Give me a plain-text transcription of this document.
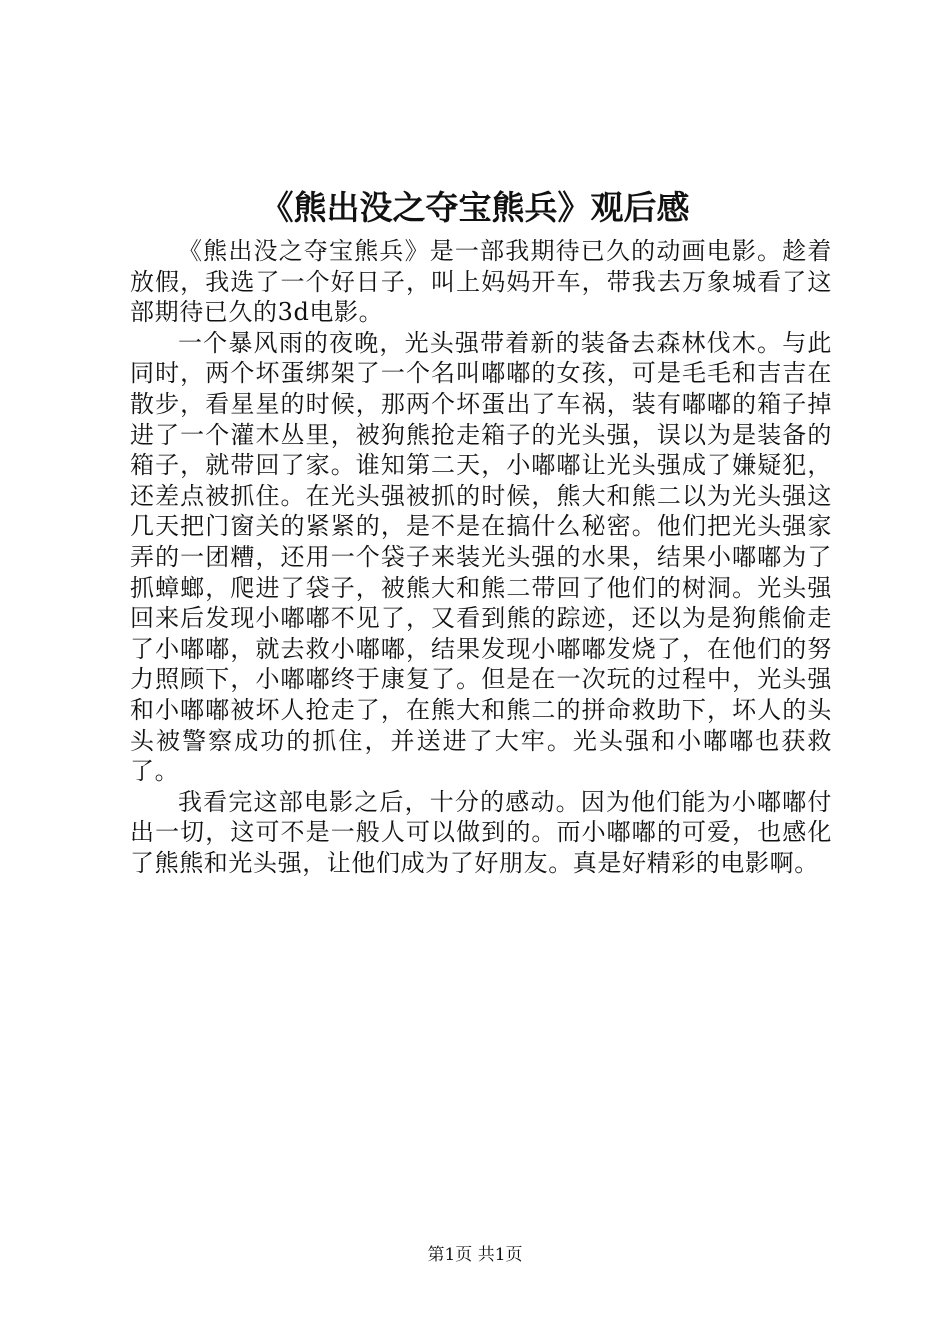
《熊出没之夺宝熊兵》观后感

《熊出没之夺宝熊兵》是一部我期待已久的动画电影。趁着放假，我选了一个好日子，叫上妈妈开车，带我去万象城看了这部期待已久的3d电影。

一个暴风雨的夜晚，光头强带着新的装备去森林伐木。与此同时，两个坏蛋绑架了一个名叫嘟嘟的女孩，可是毛毛和吉吉在散步，看星星的时候，那两个坏蛋出了车祸，装有嘟嘟的箱子掉进了一个灌木丛里，被狗熊抢走箱子的光头强，误以为是装备的箱子，就带回了家。谁知第二天，小嘟嘟让光头强成了嫌疑犯，还差点被抓住。在光头强被抓的时候，熊大和熊二以为光头强这几天把门窗关的紧紧的，是不是在搞什么秘密。他们把光头强家弄的一团糟，还用一个袋子来装光头强的水果，结果小嘟嘟为了抓蟑螂，爬进了袋子，被熊大和熊二带回了他们的树洞。光头强回来后发现小嘟嘟不见了，又看到熊的踪迹，还以为是狗熊偷走了小嘟嘟，就去救小嘟嘟，结果发现小嘟嘟发烧了，在他们的努力照顾下，小嘟嘟终于康复了。但是在一次玩的过程中，光头强和小嘟嘟被坏人抢走了，在熊大和熊二的拼命救助下，坏人的头头被警察成功的抓住，并送进了大牢。光头强和小嘟嘟也获救了。

我看完这部电影之后，十分的感动。因为他们能为小嘟嘟付出一切，这可不是一般人可以做到的。而小嘟嘟的可爱，也感化了熊熊和光头强，让他们成为了好朋友。真是好精彩的电影啊。

第1页 共1页
